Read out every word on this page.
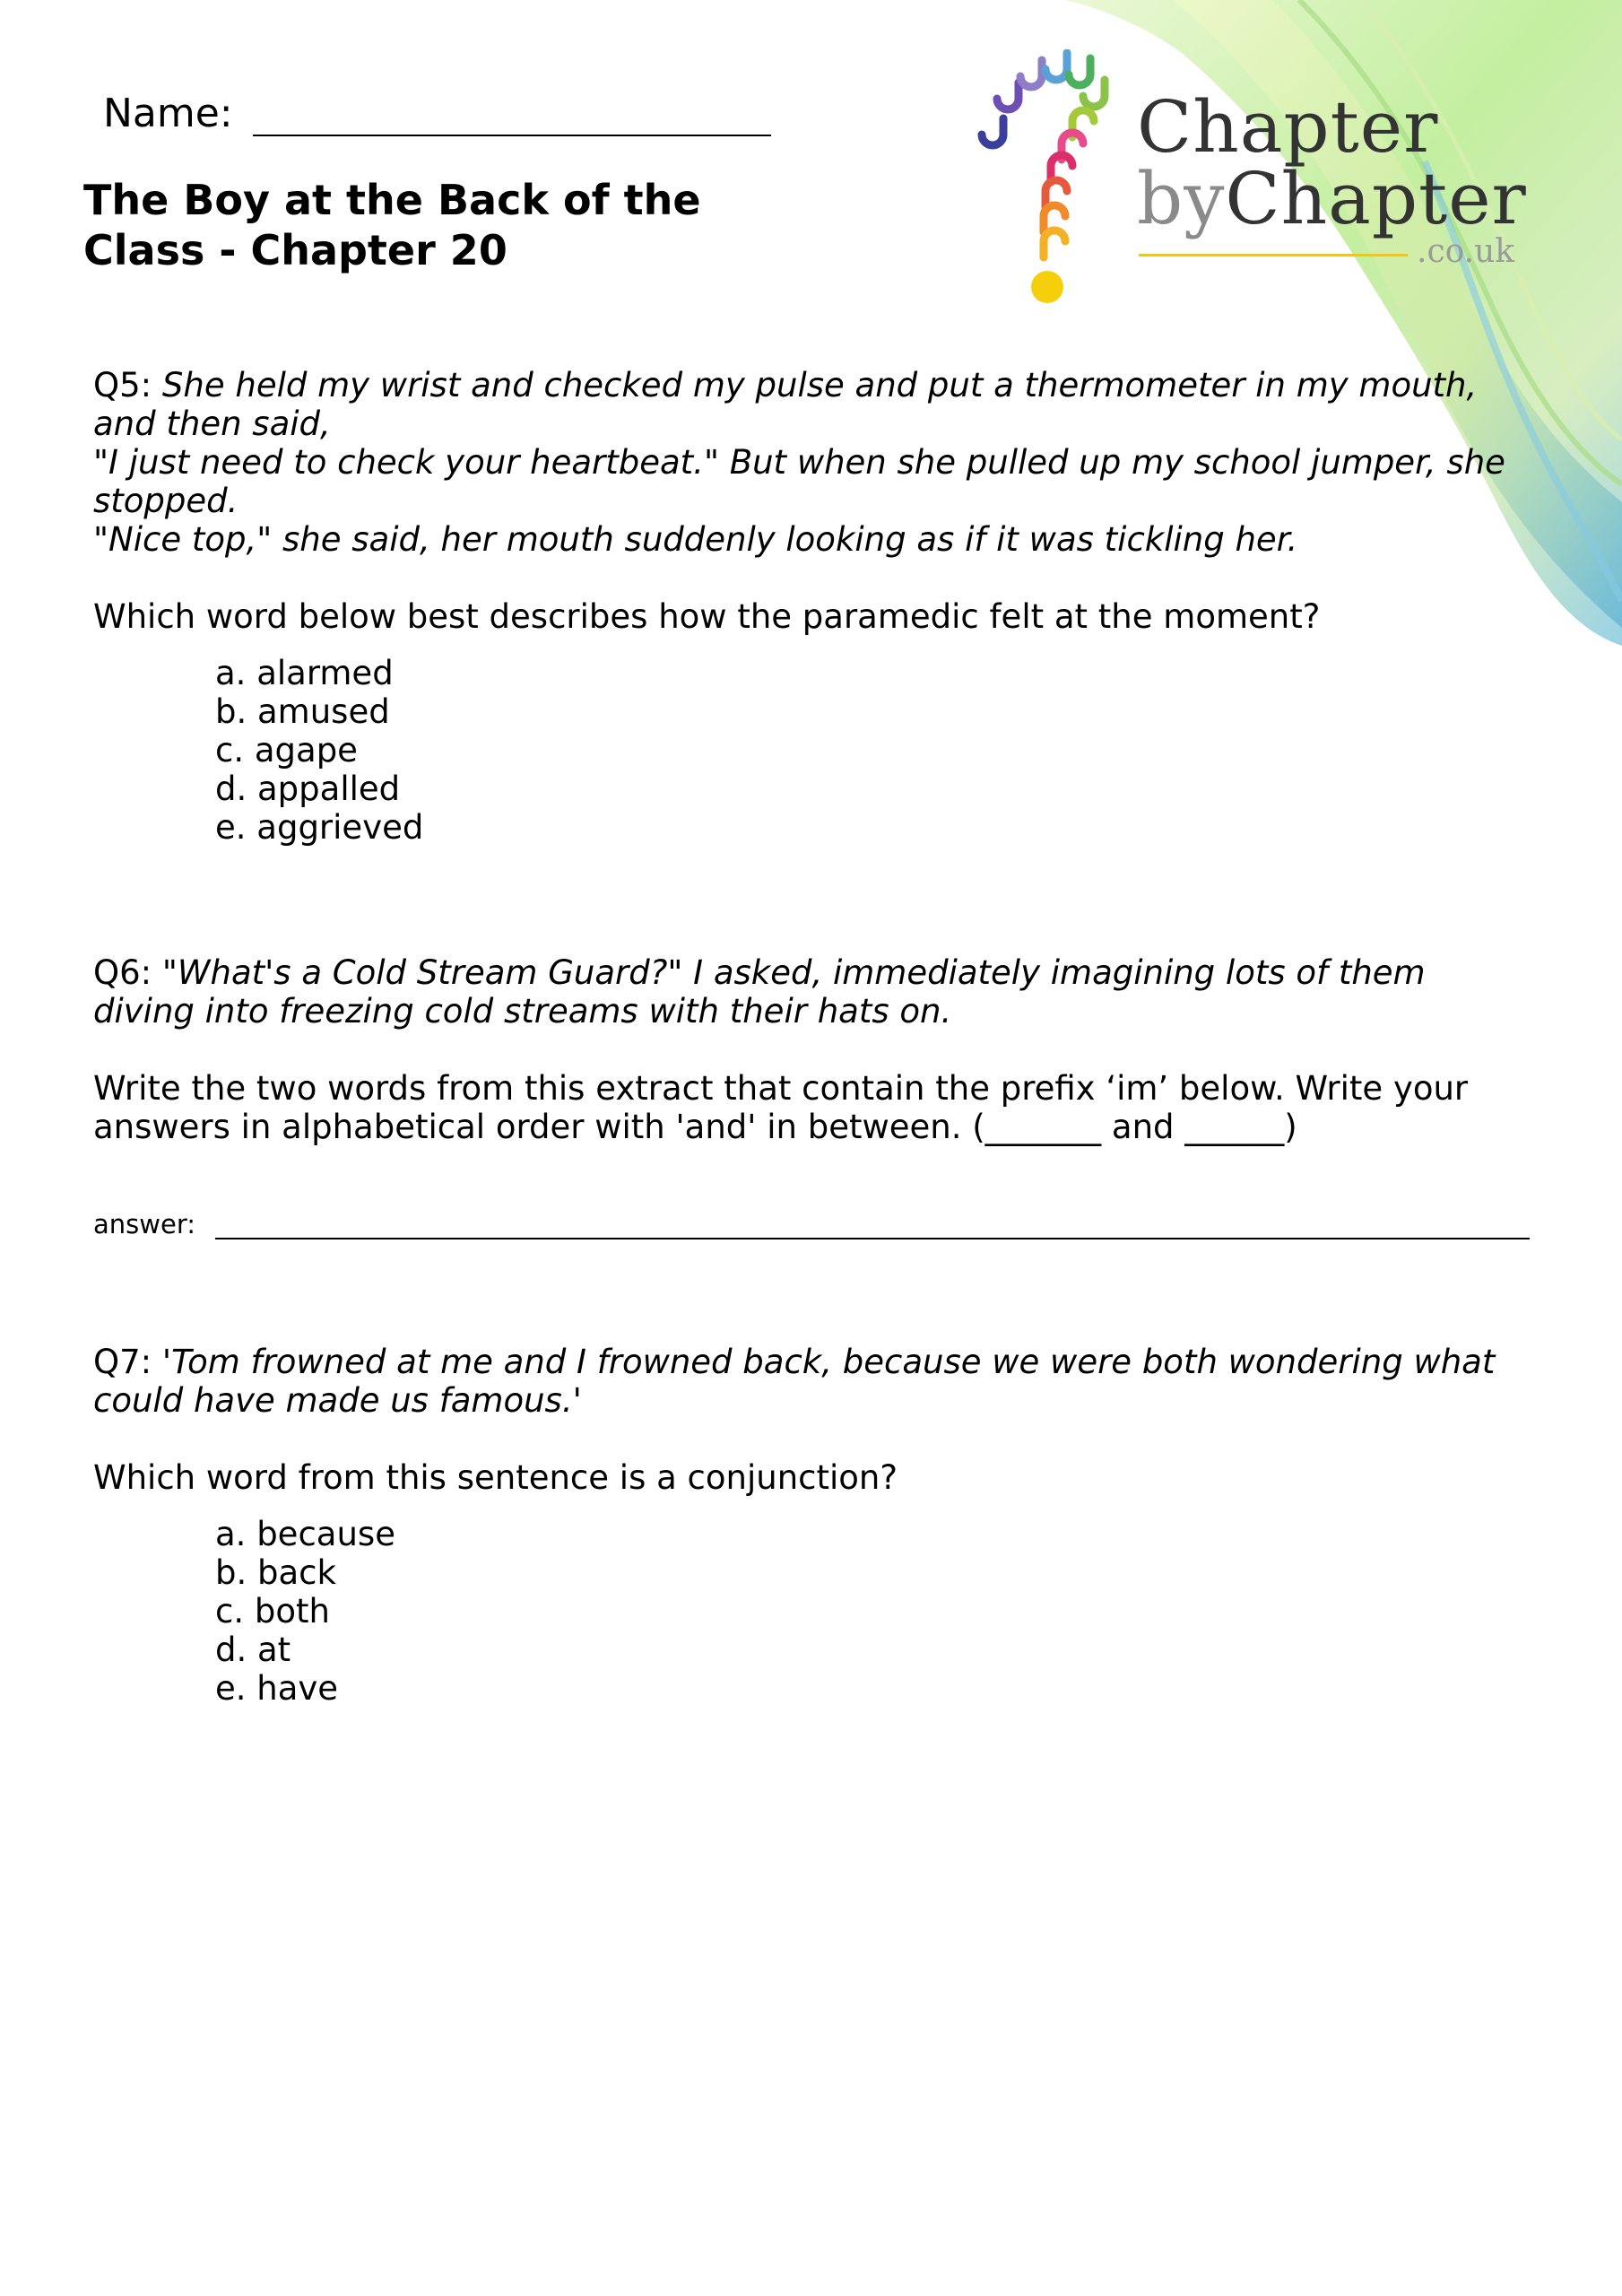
Name:
The Boy at the Back of the Class - Chapter 20
Chapter
byChapter
.co.uk

Q5: She held my wrist and checked my pulse and put a thermometer in my mouth, and then said,

"I just need to check your heartbeat." But when she pulled up my school jumper, she stopped.

"Nice top," she said, her mouth suddenly looking as if it was tickling her.

Which word below best describes how the paramedic felt at the moment?

a. alarmed
b. amused
c. agape
d. appalled
e. aggrieved

Q6: "What's a Cold Stream Guard?" I asked, immediately imagining lots of them diving into freezing cold streams with their hats on.

Write the two words from this extract that contain the prefix ‘im’ below. Write your answers in alphabetical order with 'and' in between. (_______ and ______)

answer:

Q7: 'Tom frowned at me and I frowned back, because we were both wondering what could have made us famous.'

Which word from this sentence is a conjunction?

a. because
b. back
c. both
d. at
e. have
